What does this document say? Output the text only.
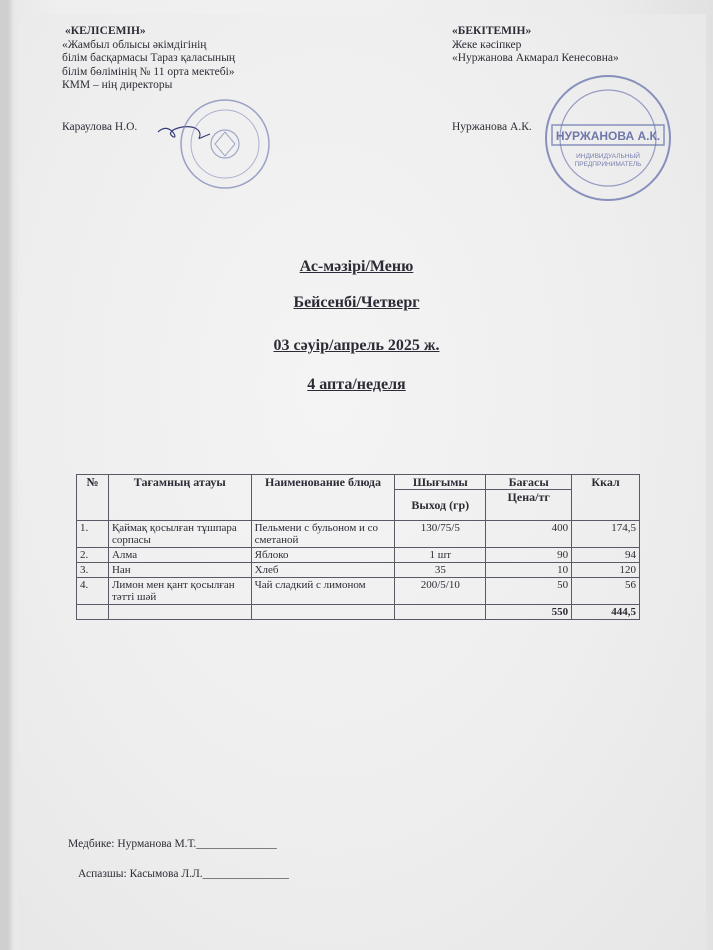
«КЕЛІСЕМІН»
«Жамбыл облысы әкімдігінің
білім басқармасы Тараз қаласының
білім бөлімінің № 11 орта мектебі»
КММ – нің директоры
Караулова Н.О.
«БЕКІТЕМІН»
Жеке кәсіпкер
«Нуржанова Акмарал Кенесовна»
Нуржанова А.К.
НУРЖАНОВА А.К.
ИНДИВИДУАЛЬНЫЙ
ПРЕДПРИНИМАТЕЛЬ
Ас-мәзірі/Меню
Бейсенбі/Четверг
03 сәуір/апрель 2025 ж.
4 апта/неделя
№	Тағамның атауы	Наименование блюда	Шығымы	Бағасы	Ккал
			Выход (гр)	Цена/тг	
1.	Қаймақ қосылған тұшпара сорпасы	Пельмени с бульоном и со сметаной	130/75/5	400	174,5
2.	Алма	Яблоко	1 шт	90	94
3.	Нан	Хлеб	35	10	120
4.	Лимон мен қант қосылған тәтті шәй	Чай сладкий с лимоном	200/5/10	50	56
				550	444,5
Медбике: Нурманова М.Т.______________
Аспазшы: Касымова Л.Л._______________
